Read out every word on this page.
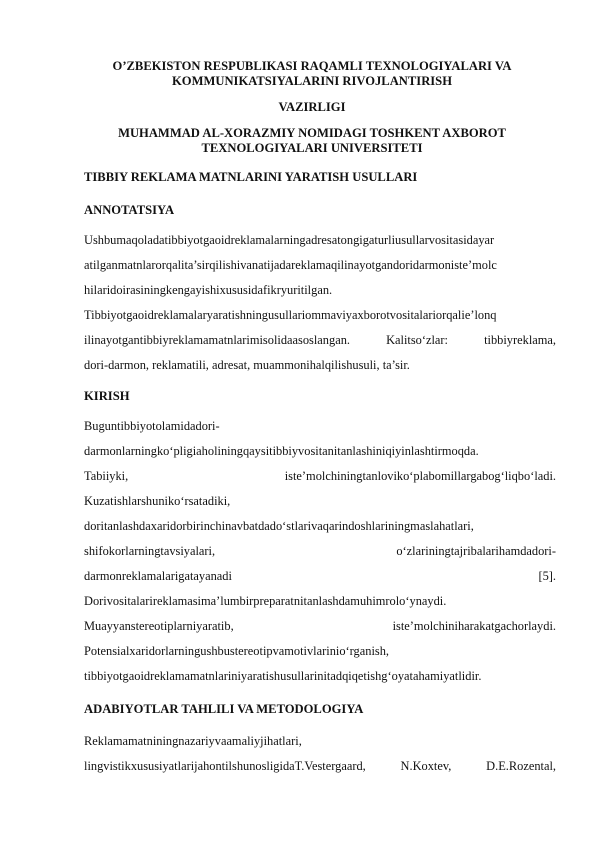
O’ZBEKISTON RESPUBLIKASI RAQAMLI TEXNOLOGIYALARI VA
KOMMUNIKATSIYALARINI RIVOJLANTIRISH
VAZIRLIGI
MUHAMMAD AL-XORAZMIY NOMIDAGI TOSHKENT AXBOROT
TEXNOLOGIYALARI UNIVERSITETI
TIBBIY REKLAMA MATNLARINI YARATISH USULLARI
ANNOTATSIYA
Ushbumaqoladatibbiyotgaoidreklamalarningadresatongigaturliusullarvositasidayar
atilganmatnlarorqalita’sirqilishivanatijadareklamaqilinayotgandoridarmoniste’molc
hilaridoirasiningkengayishixususidafikryuritilgan.
Tibbiyotgaoidreklamalaryaratishningusullariommaviyaxborotvositalariorqalie’lonq
ilinayotgantibbiyreklamamatnlarimisolidaasoslangan. Kalitso‘zlar: tibbiyreklama,
dori-darmon, reklamatili, adresat, muammonihalqilishusuli, ta’sir.
KIRISH
Buguntibbiyotolamidadori-
darmonlarningko‘pligiaholiningqaysitibbiyvositanitanlashiniqiyinlashtirmoqda.
Tabiiyki,	iste’molchiningtanloviko‘plabomillargabog‘liqbo‘ladi.
Kuzatishlarshuniko‘rsatadiki,
doritanlashdaxaridorbirinchinavbatdado‘stlarivaqarindoshlariningmaslahatlari,
shifokorlarningtavsiyalari,	o‘zlariningtajribalarihamdadori-
darmonreklamalarigatayanadi	[5].
Dorivositalarireklamasima’lumbirpreparatnitanlashdamuhimrolo‘ynaydi.
Muayyanstereotiplarniyaratib,	iste’molchiniharakatgachorlaydi.
Potensialxaridorlarningushbustereotipvamotivlarinio‘rganish,
tibbiyotgaoidreklamamatnlariniyaratishusullarinitadqiqetishg‘oyatahamiyatlidir.
ADABIYOTLAR TAHLILI VA METODOLOGIYA
Reklamamatniningnazariyvaamaliyjihatlari,
lingvistikxususiyatlarijahontilshunosligidaT.Vestergaard, N.Koxtev, D.E.Rozental,
